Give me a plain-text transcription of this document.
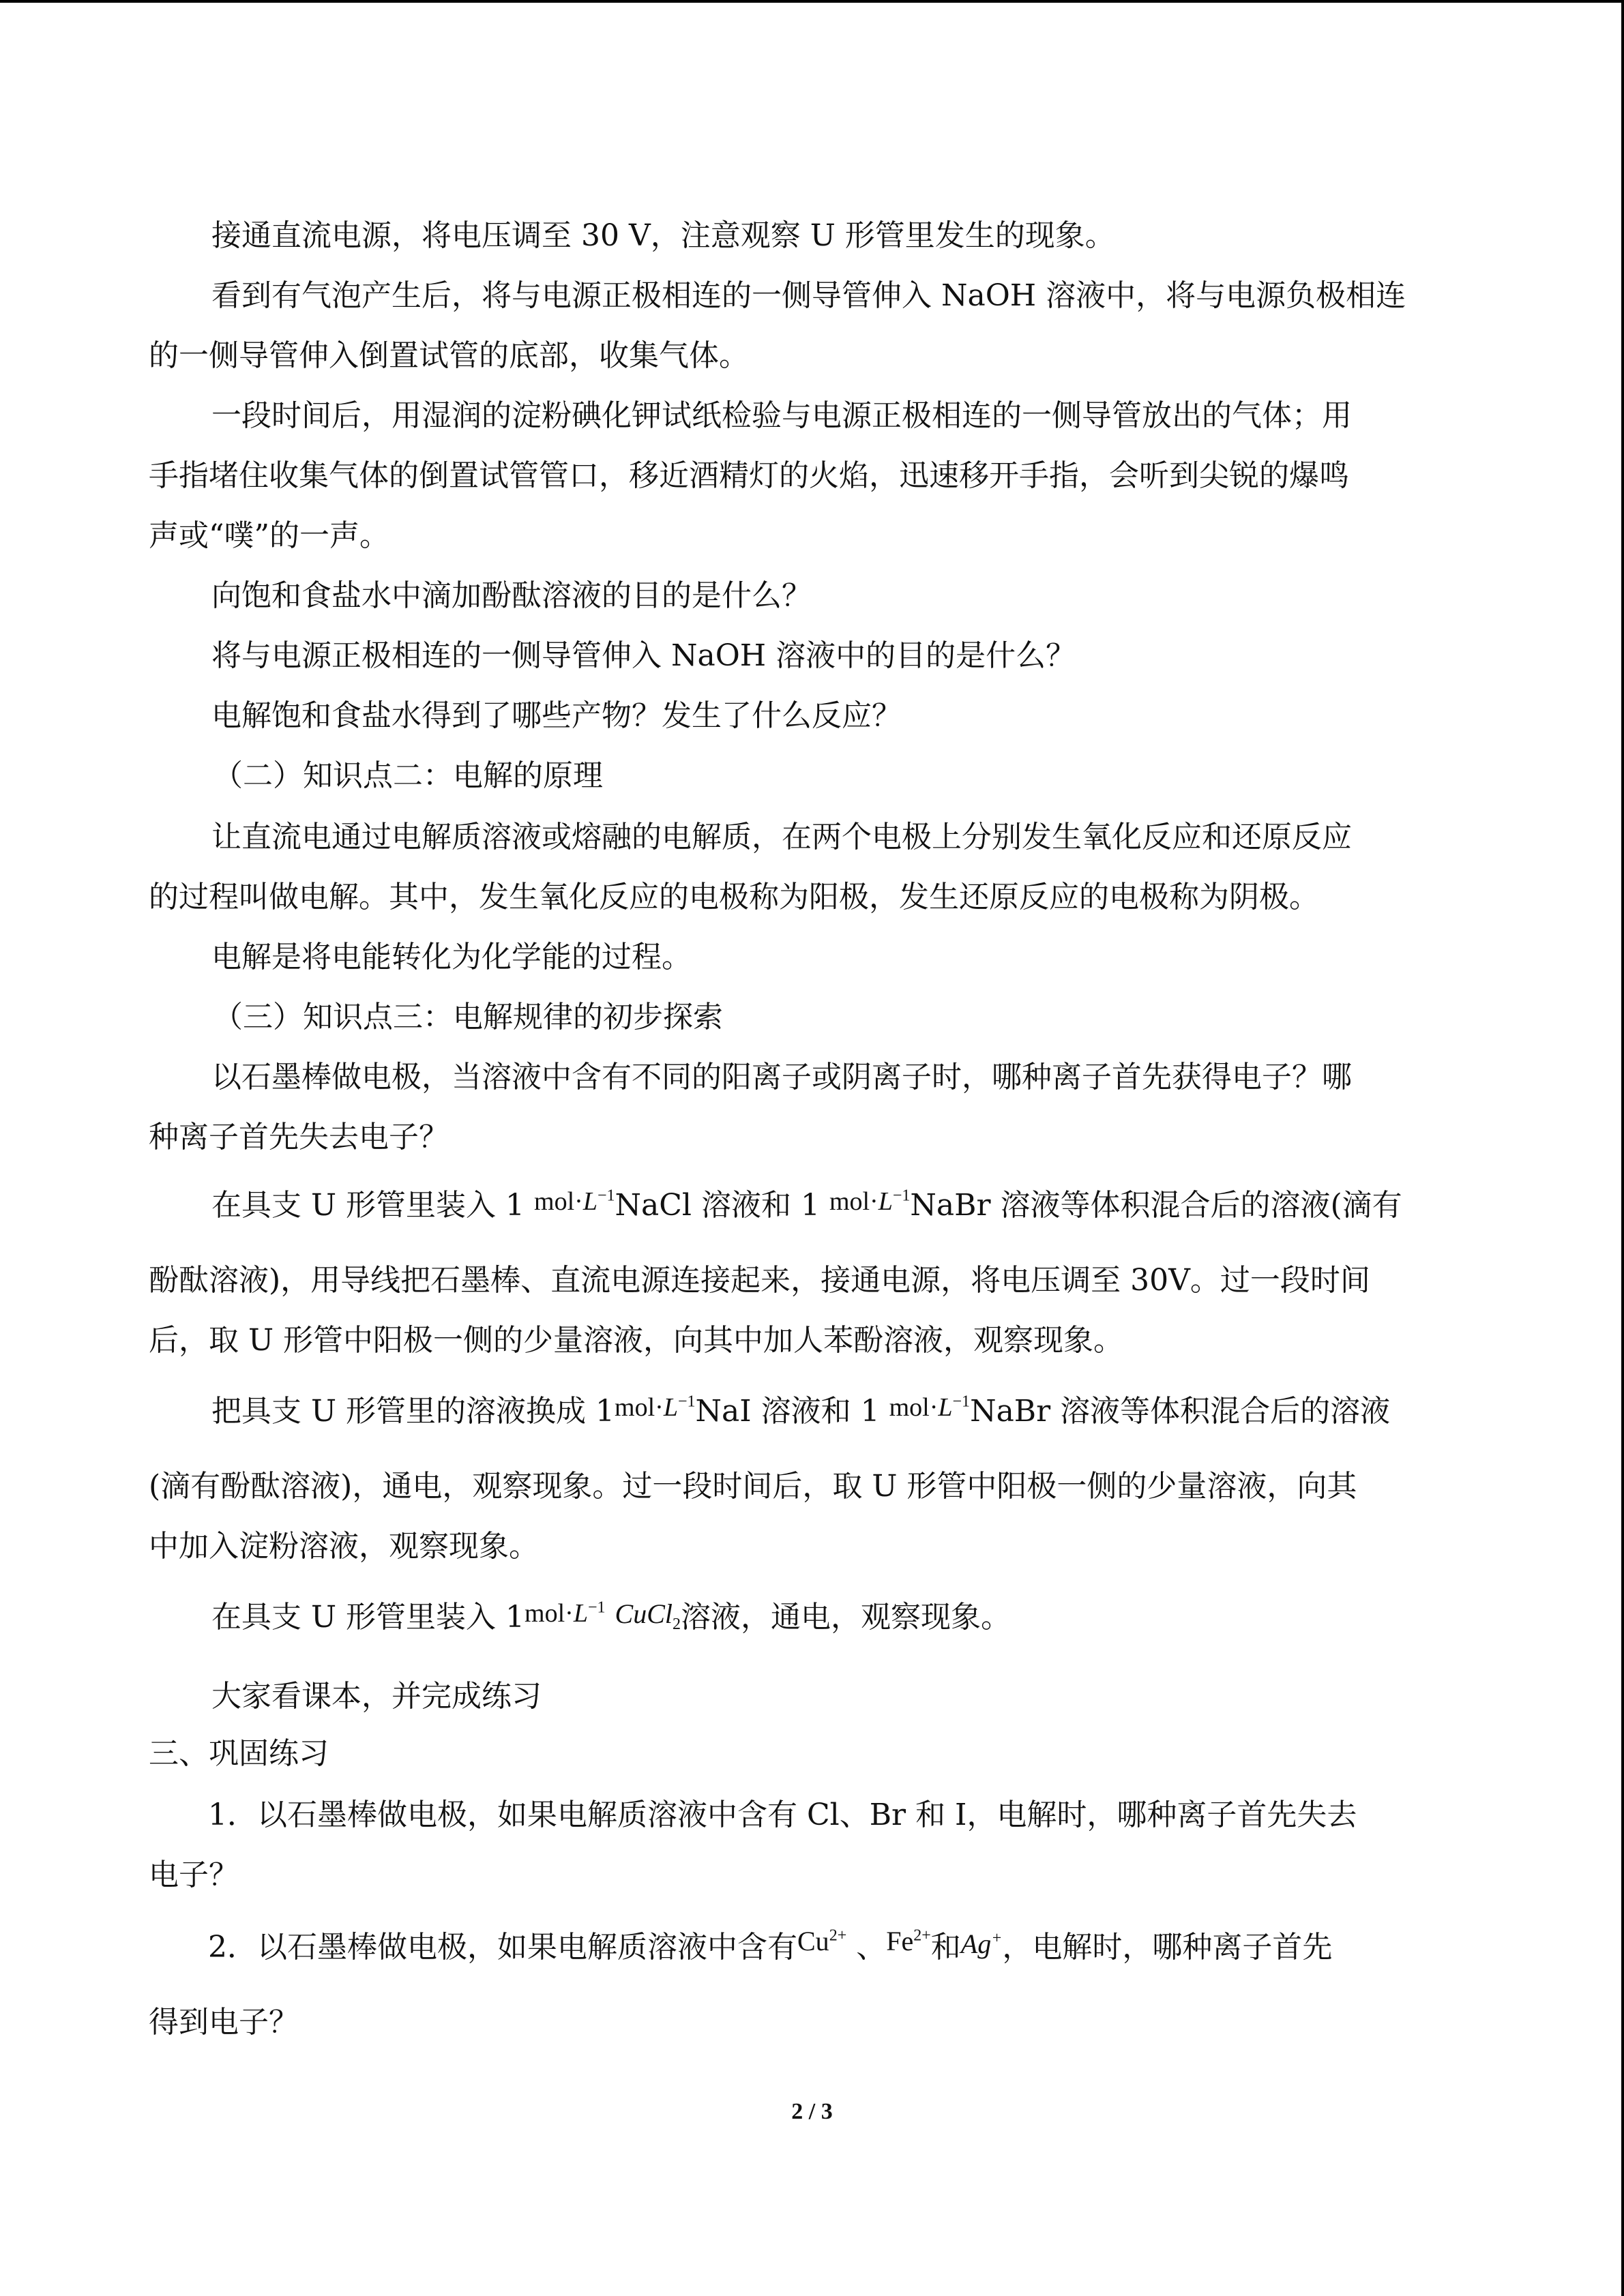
接通直流电源，将电压调至 30 V，注意观察 U 形管里发生的现象。
看到有气泡产生后，将与电源正极相连的一侧导管伸入 NaOH 溶液中，将与电源负极相连
的一侧导管伸入倒置试管的底部，收集气体。
一段时间后，用湿润的淀粉碘化钾试纸检验与电源正极相连的一侧导管放出的气体；用
手指堵住收集气体的倒置试管管口，移近酒精灯的火焰，迅速移开手指，会听到尖锐的爆鸣
声或“噗”的一声。
向饱和食盐水中滴加酚酞溶液的目的是什么？
将与电源正极相连的一侧导管伸入 NaOH 溶液中的目的是什么？
电解饱和食盐水得到了哪些产物？发生了什么反应？
（二）知识点二：电解的原理
让直流电通过电解质溶液或熔融的电解质，在两个电极上分别发生氧化反应和还原反应
的过程叫做电解。其中，发生氧化反应的电极称为阳极，发生还原反应的电极称为阴极。
电解是将电能转化为化学能的过程。
（三）知识点三：电解规律的初步探索
以石墨棒做电极，当溶液中含有不同的阳离子或阴离子时，哪种离子首先获得电子？哪
种离子首先失去电子？
在具支 U 形管里装入 1 $mol\cdot L^{-1}NaCl$ 溶液和 1 $mol\cdot L^{-1}NaBr$ 溶液等体积混合后的溶液(滴有
酚酞溶液)，用导线把石墨棒、直流电源连接起来，接通电源，将电压调至 30V。过一段时间
后，取 U 形管中阳极一侧的少量溶液，向其中加人苯酚溶液，观察现象。
把具支 U 形管里的溶液换成 $1mol\cdot L^{-1}NaI$ 溶液和 1 $mol\cdot L^{-1}NaBr$ 溶液等体积混合后的溶液
(滴有酚酞溶液)，通电，观察现象。过一段时间后，取 U 形管中阳极一侧的少量溶液，向其
中加入淀粉溶液，观察现象。
在具支 U 形管里装入 $1mol\cdot L^{-1}$ CuCl$_2$溶液，通电，观察现象。
大家看课本，并完成练习
三、巩固练习
1．以石墨棒做电极，如果电解质溶液中含有 Cl、Br 和 I，电解时，哪种离子首先失去
电子？
2．以石墨棒做电极，如果电解质溶液中含有$Cu^{2+}$ 、$Fe^{2+}$和Ag+，电解时，哪种离子首先
得到电子？
2 / 3
